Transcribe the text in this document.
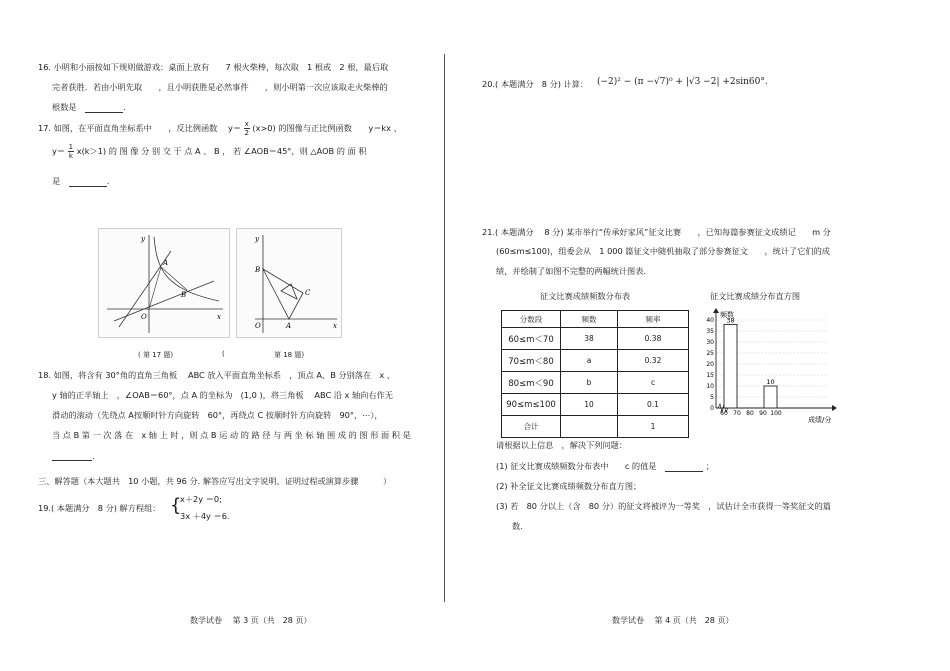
16. 小明和小丽按如下规则做游戏：桌面上放有　　7 根火柴棒，每次取　1 根或　2 根，最后取
完者获胜．若由小明先取　　，且小明获胜是必然事件　　，则小明第一次应该取走火柴棒的
根数是	.
17. 如图，在平面直角坐标系中　　，反比例函数 $y= \frac{x}{2} (x>0)$ 的图像与正比例函数　　y＝kx 、
$y= \frac{1}{k} x(k>1)$ 的 图 像 分 别 交 于 点 A 、 B ， 若 ∠AOB＝45°，则 △AOB 的 面 积
是	.
y
A
B
O	x
y
B
C
O	A	x
( 第 17 题)	(	第 18 题)
18. 如图，将含有 30°角的直角三角板　 ABC 放入平面直角坐标系　，顶点 A、B 分别落在　x 、
y 轴的正半轴上　，∠OAB＝60°，点 A 的坐标为　(1,0 )，将三角板　 ABC 沿 x 轴向右作无
滑动的滚动（先绕点 A按顺时针方向旋转　60°，再绕点 C 按顺时针方向旋转　90°，⋯），
当 点 B 第 一 次 落 在　x 轴 上 时 ，则 点 B 运 动 的 路 径 与 两 坐 标 轴 围 成 的 图 形 面 积 是
.
三、解答题（本大题共　10 小题，共 96 分. 解答应写出文字说明、证明过程或演算步骤　　　）
19.( 本题满分　8 分) 解方程组： {
x＋2y ＝0;
3x ＋4y ＝6.
数学试卷　 第 3 页（共　28 页）
20.( 本题满分　8 分) 计算： (−2)² − (π −√7)⁰ + |√3 −2| +2sin60°.
21.( 本题满分　 8 分) 某市举行“传承好家风”征文比赛　　，已知每篇参赛征文成绩记　　m 分
(60≤m≤100)，组委会从　1 000 篇征文中随机抽取了部分参赛征文　　，统计了它们的成
绩，并绘制了如图不完整的两幅统计图表.
征文比赛成绩频数分布表	征文比赛成绩分布直方图
分数段	频数	频率
60≤m＜70	38	0.38
70≤m＜80	a	0.32
80≤m＜90	b	c
90≤m≤100	10	0.1
合计		1
频数
成绩/分
0
5
10
15
20
25
30
35
40
60 70 80 90 100
38
10
请根据以上信息　，解决下列问题：
(1) 征文比赛成绩频数分布表中　　c 的值是	；
(2) 补全征文比赛成绩频数分布直方图；
(3) 若　80 分以上（含　80 分）的征文将被评为一等奖　，试估计全市获得一等奖征文的篇
数.
数学试卷　 第 4 页（共　28 页）
